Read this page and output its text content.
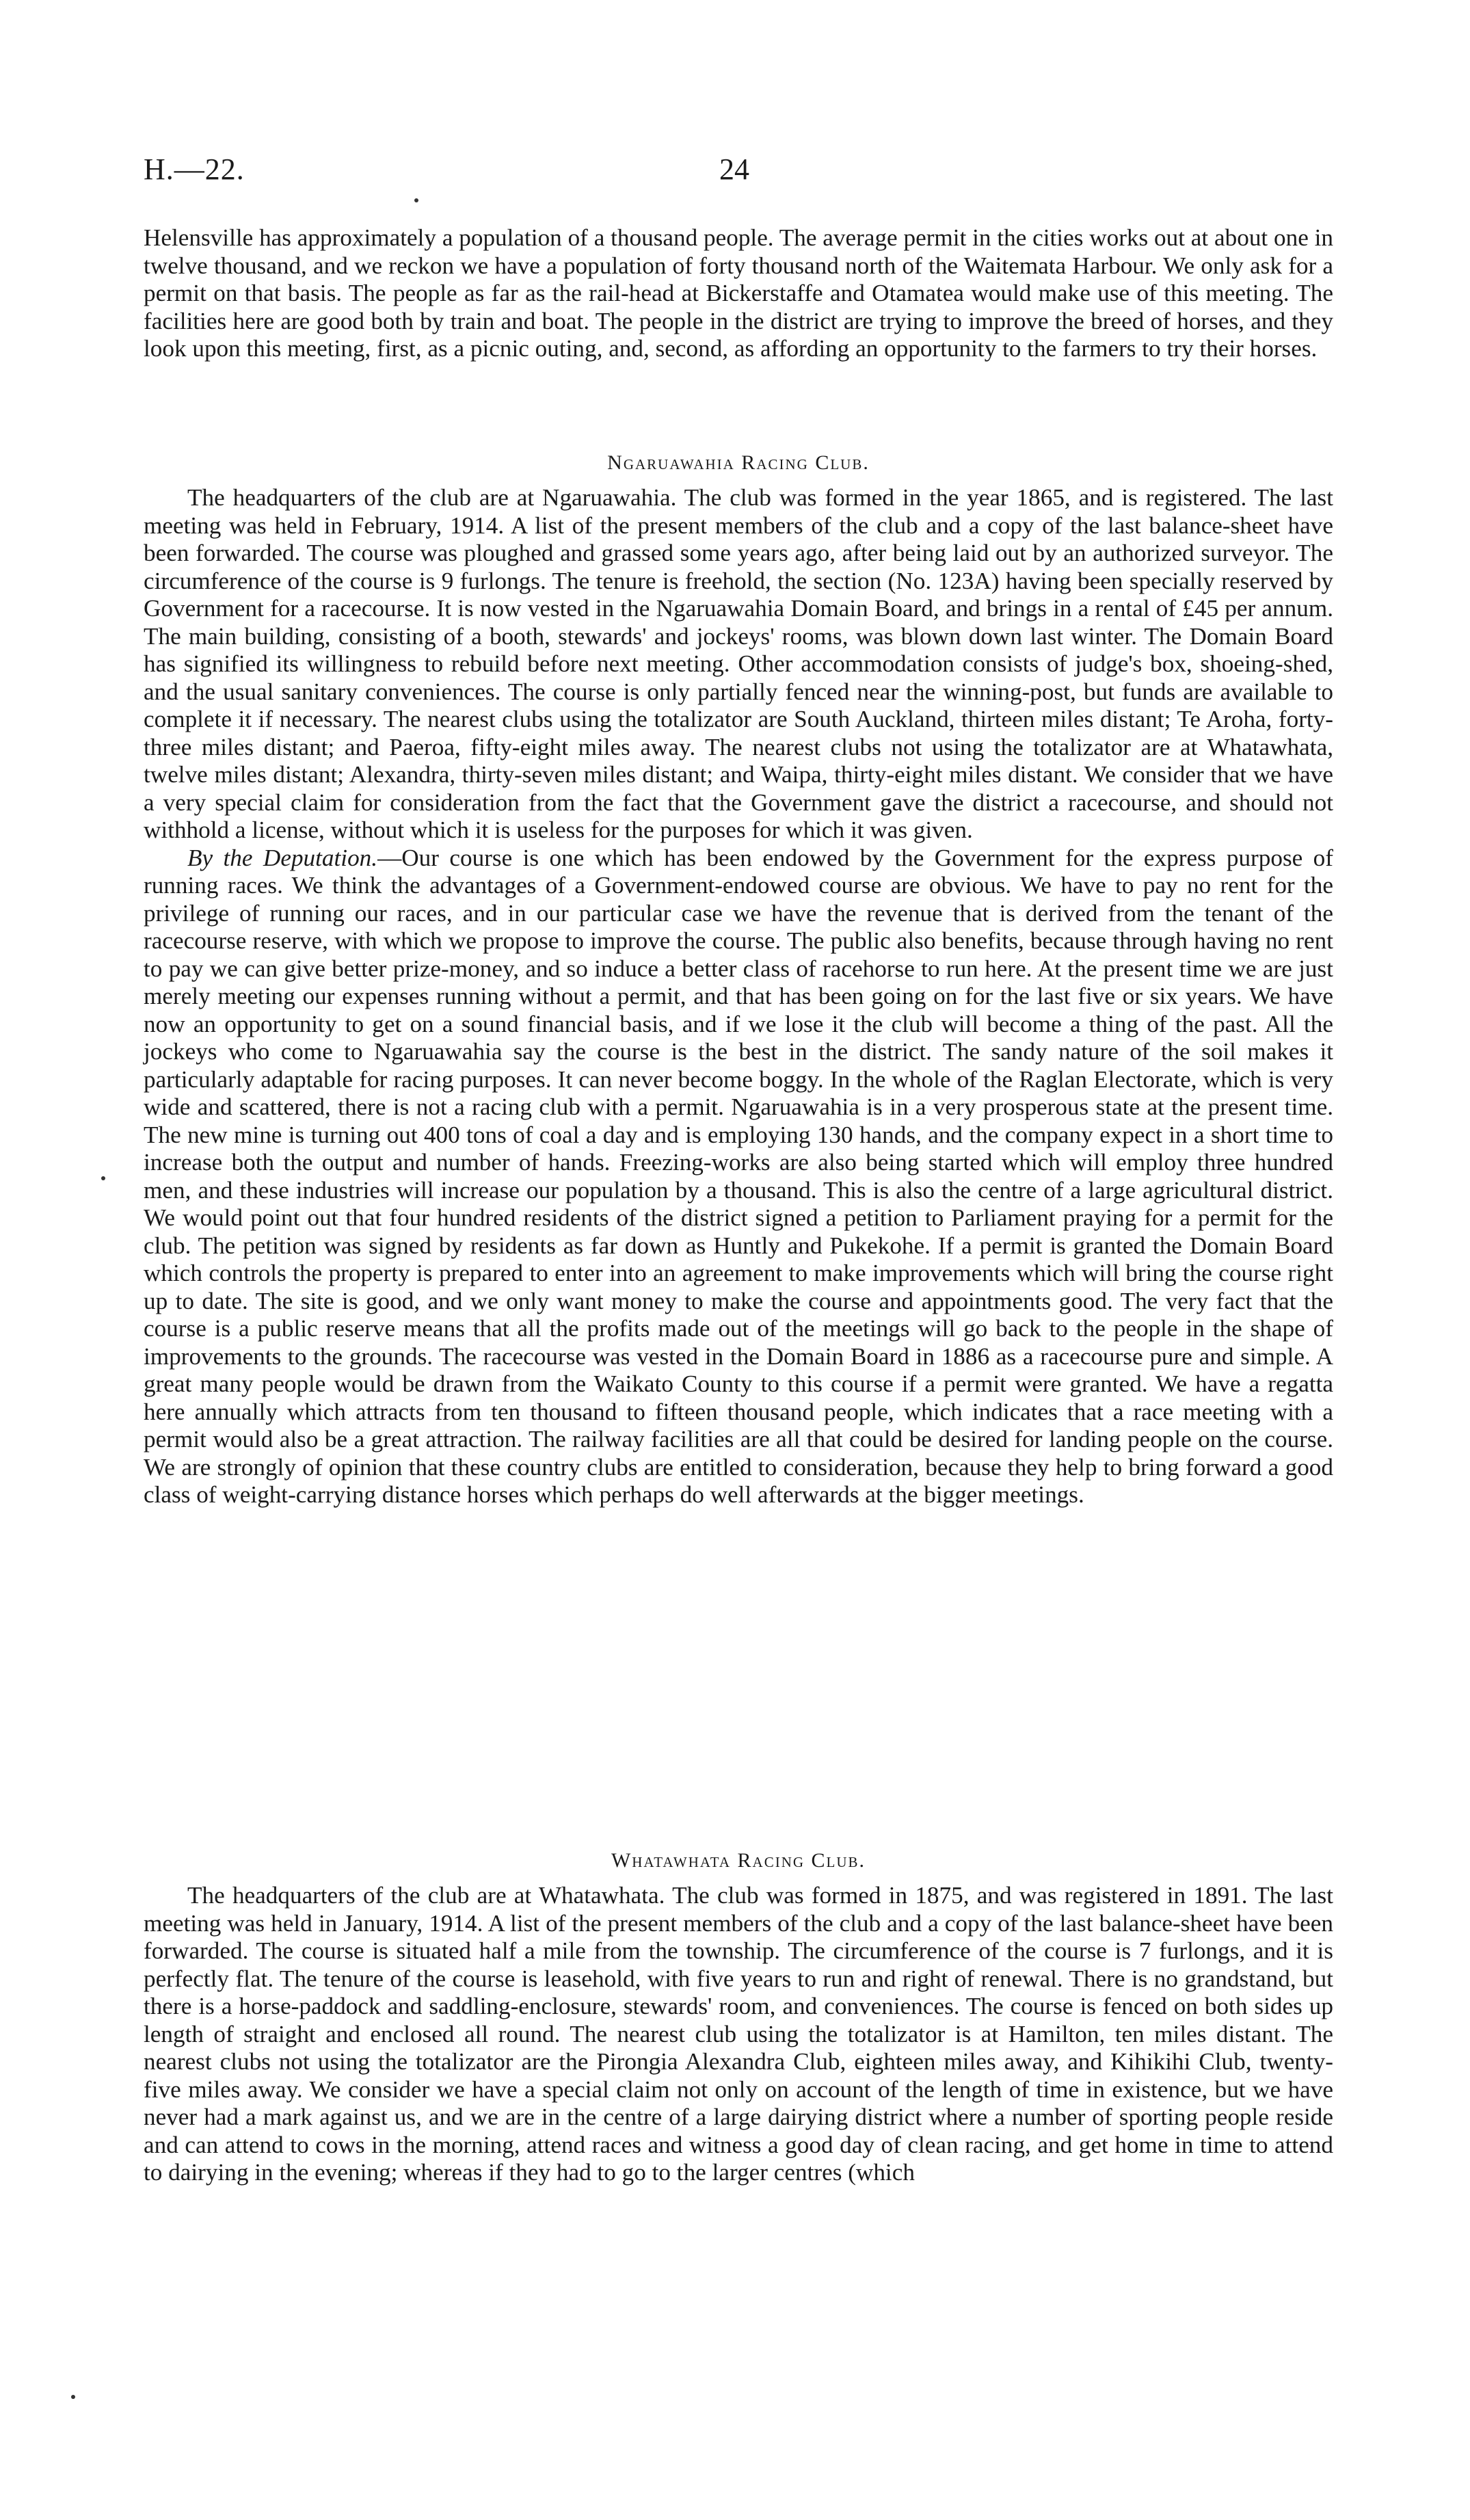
H.—22.	24

Helensville has approximately a population of a thousand people. The average permit in the cities works out at about one in twelve thousand, and we reckon we have a population of forty thousand north of the Waitemata Harbour. We only ask for a permit on that basis. The people as far as the rail-head at Bickerstaffe and Otamatea would make use of this meeting. The facilities here are good both by train and boat. The people in the district are trying to improve the breed of horses, and they look upon this meeting, first, as a picnic outing, and, second, as affording an opportunity to the farmers to try their horses.

Ngaruawahia Racing Club.

The headquarters of the club are at Ngaruawahia. The club was formed in the year 1865, and is registered. The last meeting was held in February, 1914. A list of the present members of the club and a copy of the last balance-sheet have been forwarded. The course was ploughed and grassed some years ago, after being laid out by an authorized surveyor. The circumference of the course is 9 furlongs. The tenure is freehold, the section (No. 123A) having been specially reserved by Government for a racecourse. It is now vested in the Ngaruawahia Domain Board, and brings in a rental of £45 per annum. The main building, consisting of a booth, stewards' and jockeys' rooms, was blown down last winter. The Domain Board has signified its willingness to rebuild before next meeting. Other accommodation consists of judge's box, shoeing-shed, and the usual sanitary conveniences. The course is only partially fenced near the winning-post, but funds are available to complete it if necessary. The nearest clubs using the totalizator are South Auckland, thirteen miles distant; Te Aroha, forty-three miles distant; and Paeroa, fifty-eight miles away. The nearest clubs not using the totalizator are at Whatawhata, twelve miles distant; Alexandra, thirty-seven miles distant; and Waipa, thirty-eight miles distant. We consider that we have a very special claim for consideration from the fact that the Government gave the district a racecourse, and should not withhold a license, without which it is useless for the purposes for which it was given.

By the Deputation.—Our course is one which has been endowed by the Government for the express purpose of running races. We think the advantages of a Government-endowed course are obvious. We have to pay no rent for the privilege of running our races, and in our particular case we have the revenue that is derived from the tenant of the racecourse reserve, with which we propose to improve the course. The public also benefits, because through having no rent to pay we can give better prize-money, and so induce a better class of racehorse to run here. At the present time we are just merely meeting our expenses running without a permit, and that has been going on for the last five or six years. We have now an opportunity to get on a sound financial basis, and if we lose it the club will become a thing of the past. All the jockeys who come to Ngaruawahia say the course is the best in the district. The sandy nature of the soil makes it particularly adaptable for racing purposes. It can never become boggy. In the whole of the Raglan Electorate, which is very wide and scattered, there is not a racing club with a permit. Ngaruawahia is in a very prosperous state at the present time. The new mine is turning out 400 tons of coal a day and is employing 130 hands, and the company expect in a short time to increase both the output and number of hands. Freezing-works are also being started which will employ three hundred men, and these industries will increase our population by a thousand. This is also the centre of a large agricultural district. We would point out that four hundred residents of the district signed a petition to Parliament praying for a permit for the club. The petition was signed by residents as far down as Huntly and Pukekohe. If a permit is granted the Domain Board which controls the property is prepared to enter into an agreement to make improvements which will bring the course right up to date. The site is good, and we only want money to make the course and appointments good. The very fact that the course is a public reserve means that all the profits made out of the meetings will go back to the people in the shape of improvements to the grounds. The racecourse was vested in the Domain Board in 1886 as a racecourse pure and simple. A great many people would be drawn from the Waikato County to this course if a permit were granted. We have a regatta here annually which attracts from ten thousand to fifteen thousand people, which indicates that a race meeting with a permit would also be a great attraction. The railway facilities are all that could be desired for landing people on the course. We are strongly of opinion that these country clubs are entitled to consideration, because they help to bring forward a good class of weight-carrying distance horses which perhaps do well afterwards at the bigger meetings.

Whatawhata Racing Club.

The headquarters of the club are at Whatawhata. The club was formed in 1875, and was registered in 1891. The last meeting was held in January, 1914. A list of the present members of the club and a copy of the last balance-sheet have been forwarded. The course is situated half a mile from the township. The circumference of the course is 7 furlongs, and it is perfectly flat. The tenure of the course is leasehold, with five years to run and right of renewal. There is no grandstand, but there is a horse-paddock and saddling-enclosure, stewards' room, and conveniences. The course is fenced on both sides up length of straight and enclosed all round. The nearest club using the totalizator is at Hamilton, ten miles distant. The nearest clubs not using the totalizator are the Pirongia Alexandra Club, eighteen miles away, and Kihikihi Club, twenty-five miles away. We consider we have a special claim not only on account of the length of time in existence, but we have never had a mark against us, and we are in the centre of a large dairying district where a number of sporting people reside and can attend to cows in the morning, attend races and witness a good day of clean racing, and get home in time to attend to dairying in the evening; whereas if they had to go to the larger centres (which
